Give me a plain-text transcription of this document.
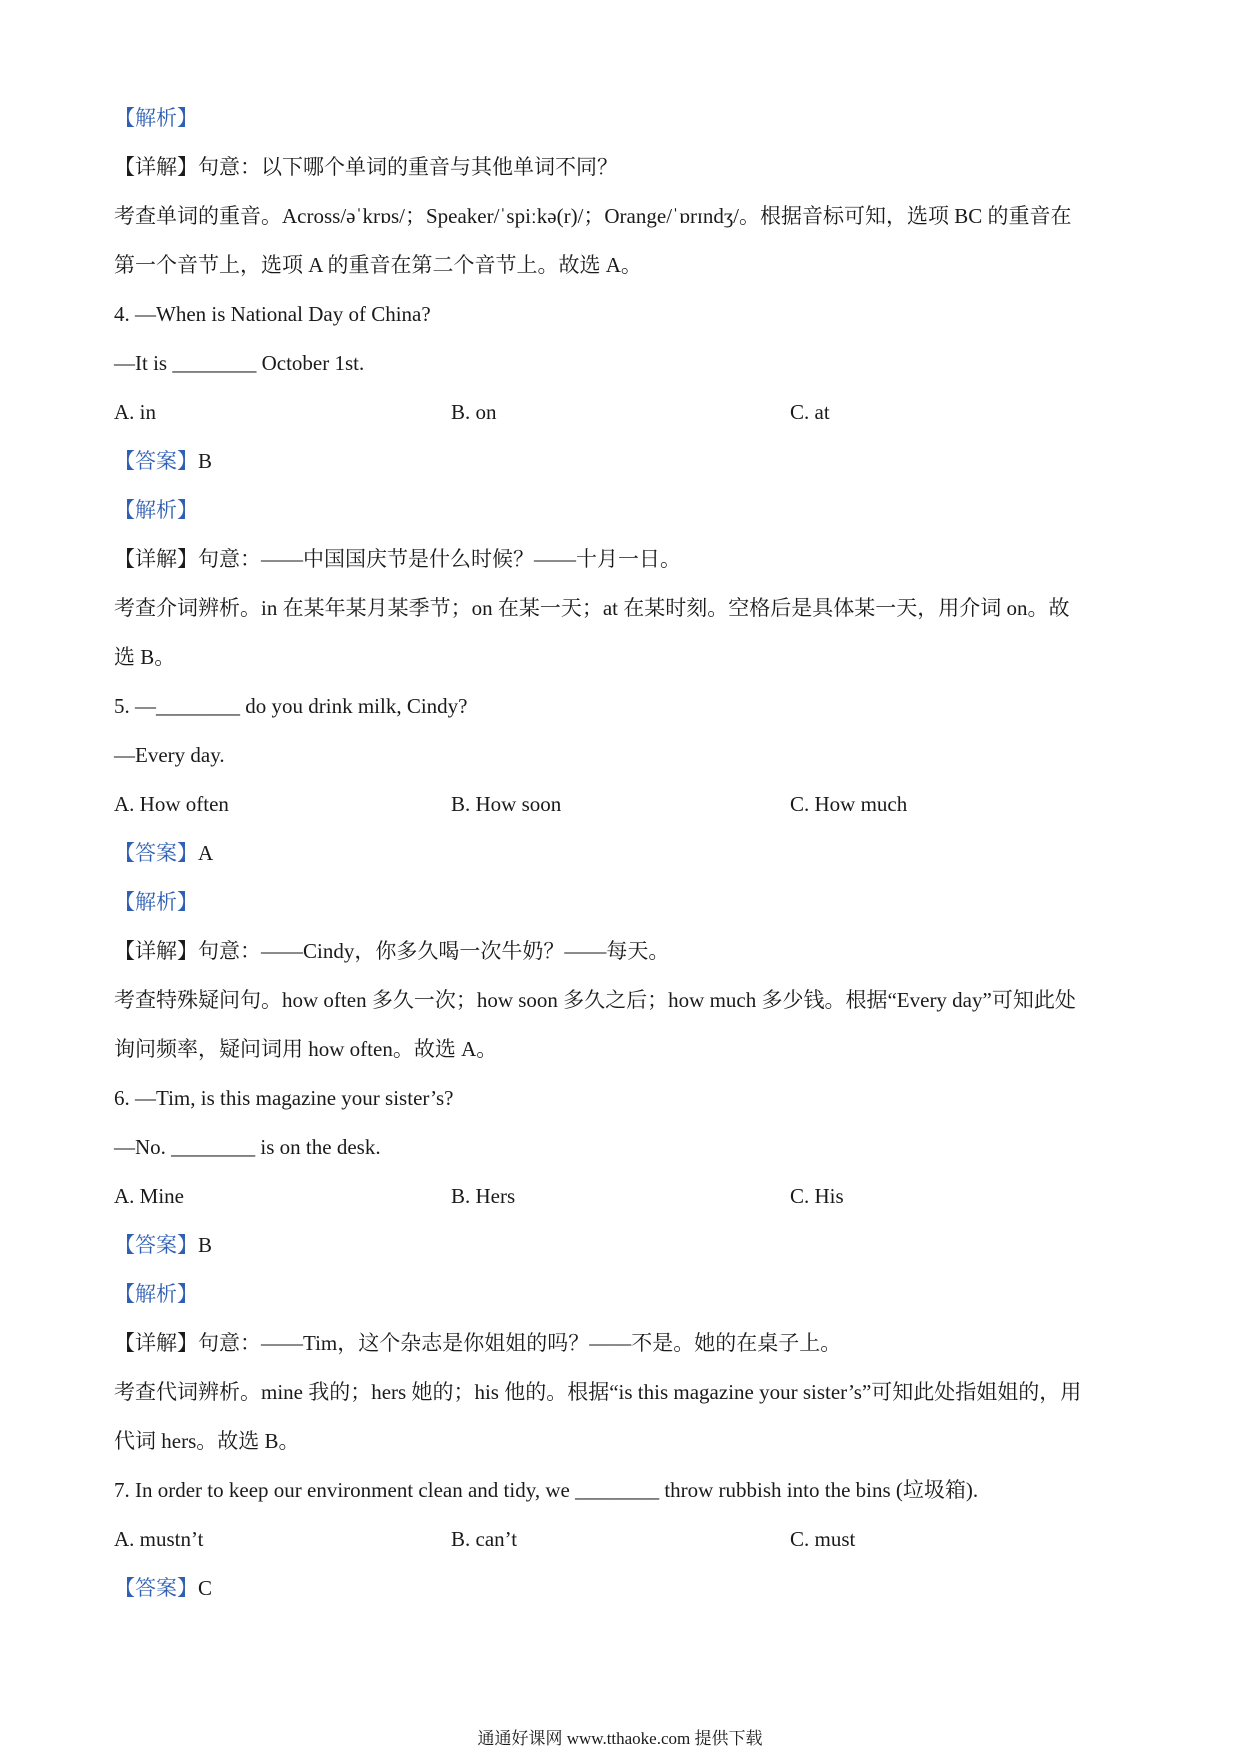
【解析】
【详解】句意：以下哪个单词的重音与其他单词不同？
考查单词的重音。Across/əˈkrɒs/；Speaker/ˈspiːkə(r)/；Orange/ˈɒrɪndʒ/。根据音标可知，选项 BC 的重音在
第一个音节上，选项 A 的重音在第二个音节上。故选 A。
4. —When is National Day of China?
—It is ________ October 1st.
A. in	B. on	C. at
【答案】B
【解析】
【详解】句意：——中国国庆节是什么时候？——十月一日。
考查介词辨析。in 在某年某月某季节；on 在某一天；at 在某时刻。空格后是具体某一天，用介词 on。故
选 B。
5. —________ do you drink milk, Cindy?
—Every day.
A. How often	B. How soon	C. How much
【答案】A
【解析】
【详解】句意：——Cindy，你多久喝一次牛奶？——每天。
考查特殊疑问句。how often 多久一次；how soon 多久之后；how much 多少钱。根据“Every day”可知此处
询问频率，疑问词用 how often。故选 A。
6. —Tim, is this magazine your sister’s?
—No. ________ is on the desk.
A. Mine	B. Hers	C. His
【答案】B
【解析】
【详解】句意：——Tim，这个杂志是你姐姐的吗？——不是。她的在桌子上。
考查代词辨析。mine 我的；hers 她的；his 他的。根据“is this magazine your sister’s”可知此处指姐姐的，用
代词 hers。故选 B。
7. In order to keep our environment clean and tidy, we ________ throw rubbish into the bins (垃圾箱).
A. mustn’t	B. can’t	C. must
【答案】C
通通好课网 www.tthaoke.com 提供下载
